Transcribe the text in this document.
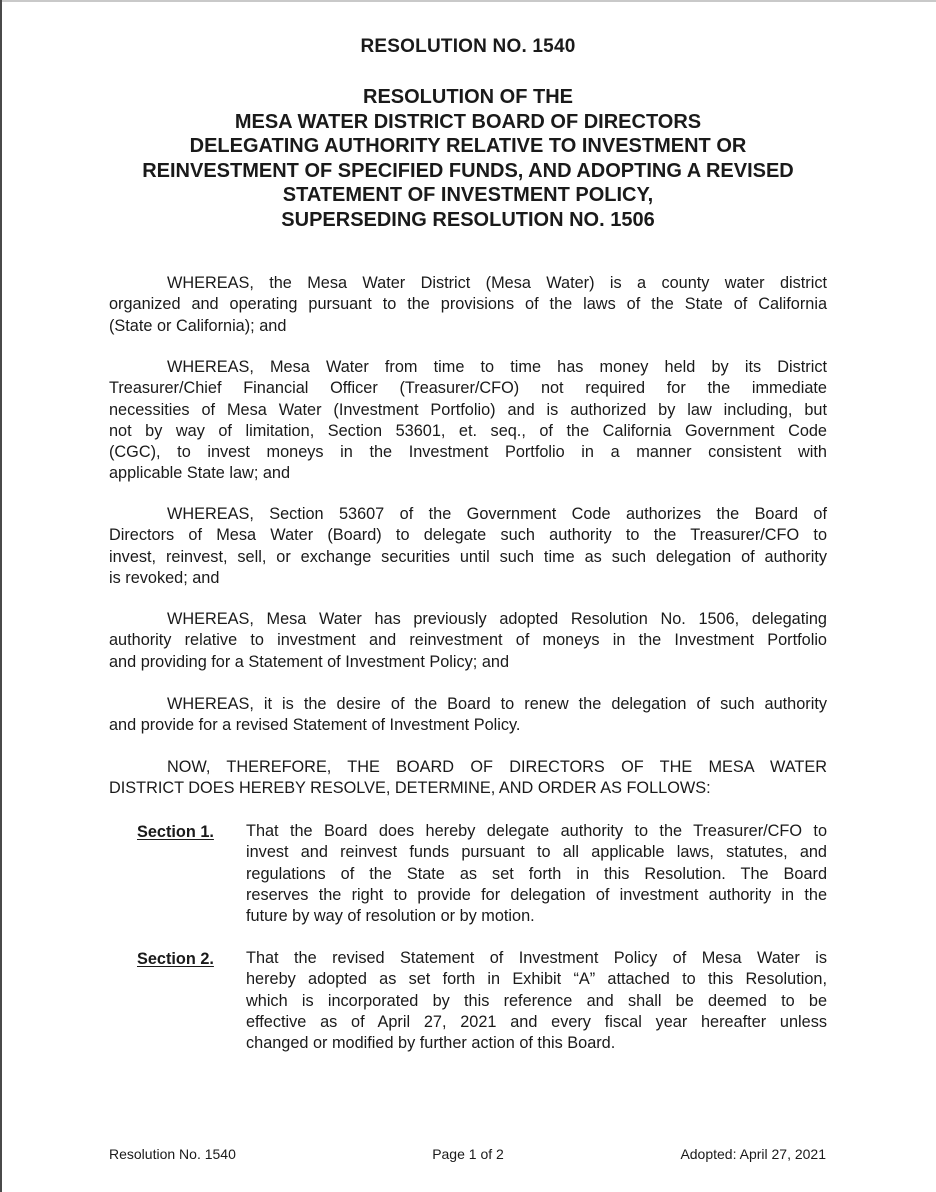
RESOLUTION NO. 1540
RESOLUTION OF THE
MESA WATER DISTRICT BOARD OF DIRECTORS
DELEGATING AUTHORITY RELATIVE TO INVESTMENT OR
REINVESTMENT OF SPECIFIED FUNDS, AND ADOPTING A REVISED
STATEMENT OF INVESTMENT POLICY,
SUPERSEDING RESOLUTION NO. 1506
WHEREAS, the Mesa Water District (Mesa Water) is a county water district
organized and operating pursuant to the provisions of the laws of the State of California
(State or California); and
WHEREAS, Mesa Water from time to time has money held by its District
Treasurer/Chief Financial Officer (Treasurer/CFO) not required for the immediate
necessities of Mesa Water (Investment Portfolio) and is authorized by law including, but
not by way of limitation, Section 53601, et. seq., of the California Government Code
(CGC), to invest moneys in the Investment Portfolio in a manner consistent with
applicable State law; and
WHEREAS, Section 53607 of the Government Code authorizes the Board of
Directors of Mesa Water (Board) to delegate such authority to the Treasurer/CFO to
invest, reinvest, sell, or exchange securities until such time as such delegation of authority
is revoked; and
WHEREAS, Mesa Water has previously adopted Resolution No. 1506, delegating
authority relative to investment and reinvestment of moneys in the Investment Portfolio
and providing for a Statement of Investment Policy; and
WHEREAS, it is the desire of the Board to renew the delegation of such authority
and provide for a revised Statement of Investment Policy.
NOW, THEREFORE, THE BOARD OF DIRECTORS OF THE MESA WATER
DISTRICT DOES HEREBY RESOLVE, DETERMINE, AND ORDER AS FOLLOWS:
Section 1. That the Board does hereby delegate authority to the Treasurer/CFO to
invest and reinvest funds pursuant to all applicable laws, statutes, and
regulations of the State as set forth in this Resolution. The Board
reserves the right to provide for delegation of investment authority in the
future by way of resolution or by motion.
Section 2. That the revised Statement of Investment Policy of Mesa Water is
hereby adopted as set forth in Exhibit “A” attached to this Resolution,
which is incorporated by this reference and shall be deemed to be
effective as of April 27, 2021 and every fiscal year hereafter unless
changed or modified by further action of this Board.
Resolution No. 1540	Page 1 of 2	Adopted: April 27, 2021
